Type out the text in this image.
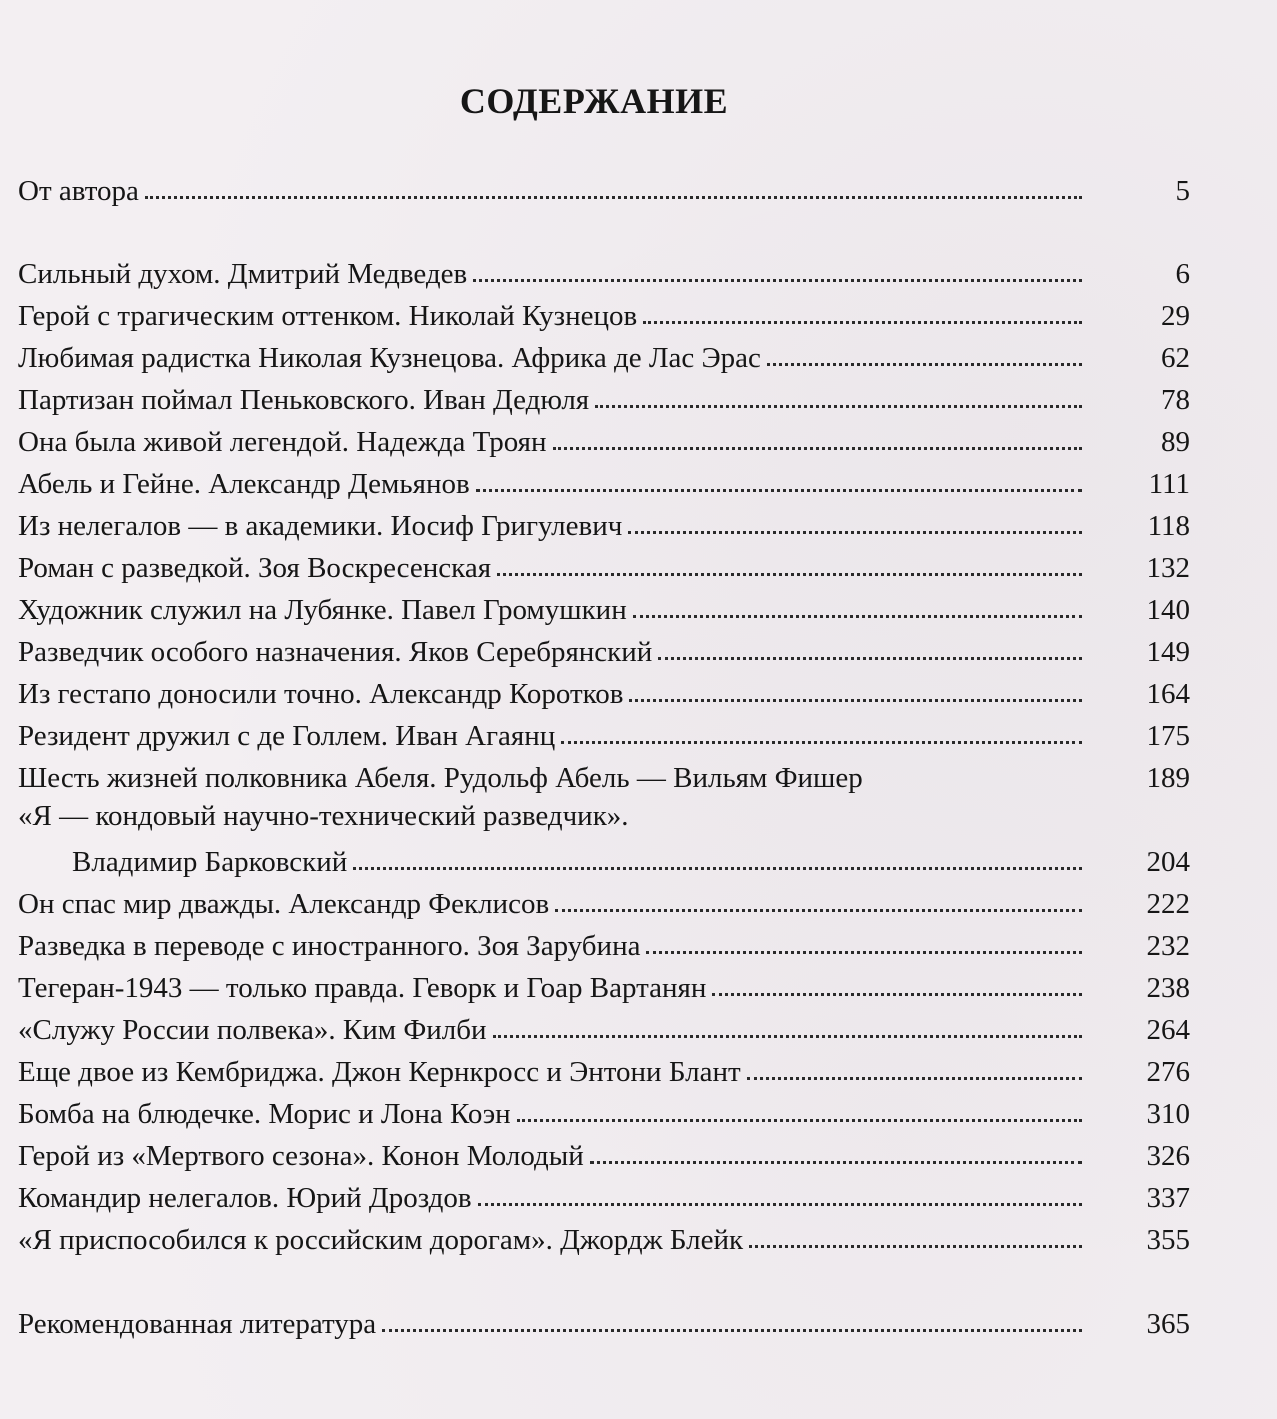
СОДЕРЖАНИЕ
От автора	5
Сильный духом. Дмитрий Медведев	6
Герой с трагическим оттенком. Николай Кузнецов	29
Любимая радистка Николая Кузнецова. Африка де Лас Эрас	62
Партизан поймал Пеньковского. Иван Дедюля	78
Она была живой легендой. Надежда Троян	89
Абель и Гейне. Александр Демьянов	111
Из нелегалов — в академики. Иосиф Григулевич	118
Роман с разведкой. Зоя Воскресенская	132
Художник служил на Лубянке. Павел Громушкин	140
Разведчик особого назначения. Яков Серебрянский	149
Из гестапо доносили точно. Александр Коротков	164
Резидент дружил с де Голлем. Иван Агаянц	175
Шесть жизней полковника Абеля. Рудольф Абель — Вильям Фишер	189
«Я — кондовый научно-технический разведчик».
Владимир Барковский	204
Он спас мир дважды. Александр Феклисов	222
Разведка в переводе с иностранного. Зоя Зарубина	232
Тегеран-1943 — только правда. Геворк и Гоар Вартанян	238
«Служу России полвека». Ким Филби	264
Еще двое из Кембриджа. Джон Кернкросс и Энтони Блант	276
Бомба на блюдечке. Морис и Лона Коэн	310
Герой из «Мертвого сезона». Конон Молодый	326
Командир нелегалов. Юрий Дроздов	337
«Я приспособился к российским дорогам». Джордж Блейк	355
Рекомендованная литература	365
